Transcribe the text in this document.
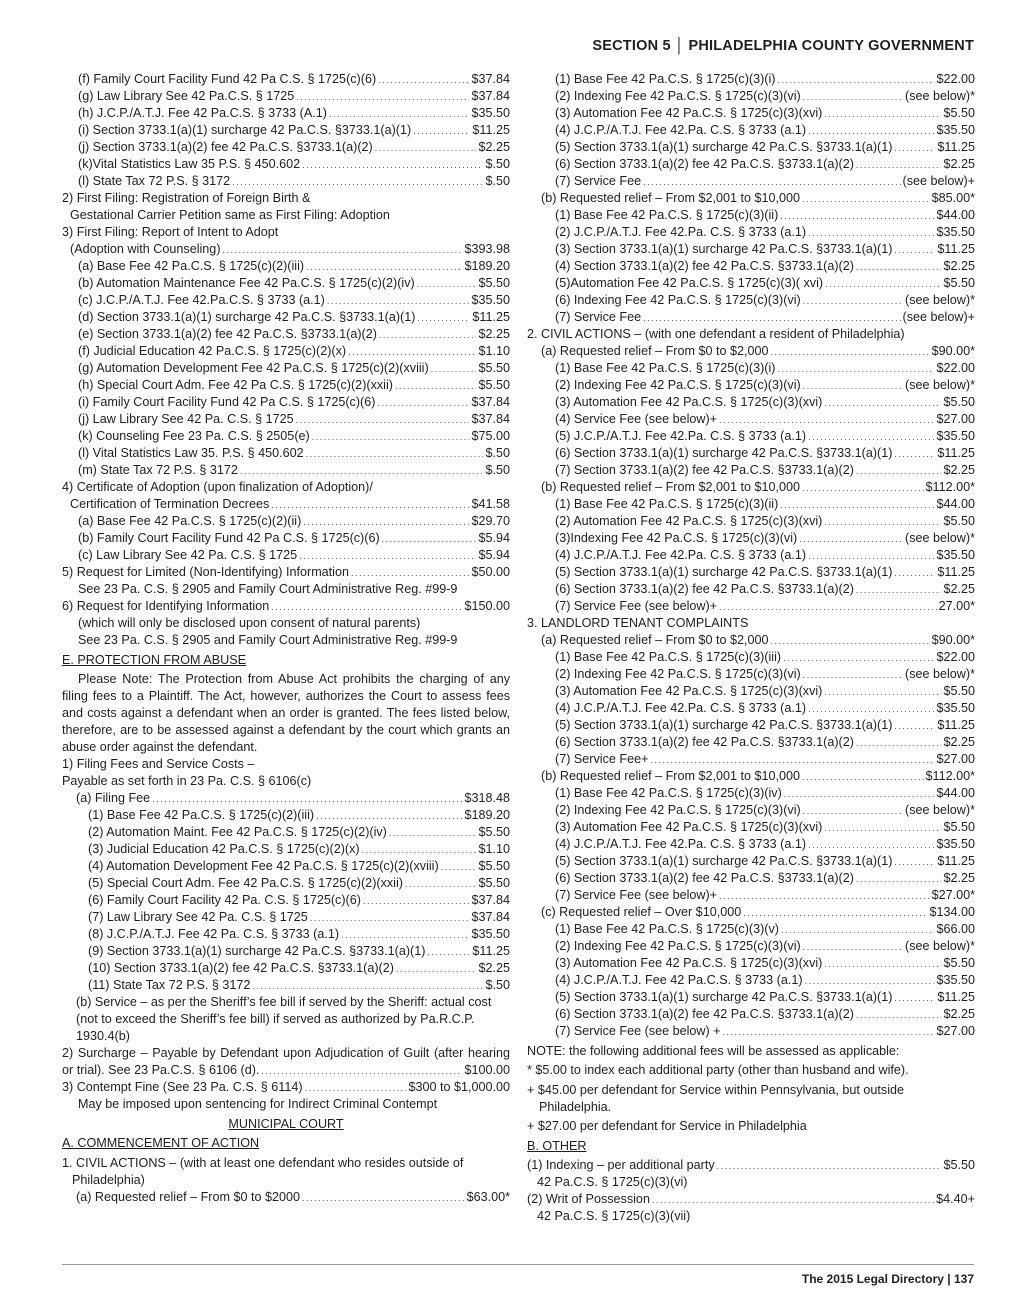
SECTION 5 │ PHILADELPHIA COUNTY GOVERNMENT
(f) Family Court Facility Fund 42 Pa C.S. § 1725(c)(6) . . .	$37.84
(g) Law Library See 42 Pa.C.S. § 1725 . . .	$37.84
(h) J.C.P./A.T.J. Fee 42 Pa.C.S. § 3733 (A.1) . . .	$35.50
(i) Section 3733.1(a)(1) surcharge 42 Pa.C.S. §3733.1(a)(1) . . .	$11.25
(j) Section 3733.1(a)(2) fee 42 Pa.C.S. §3733.1(a)(2) . . .	$2.25
(k)Vital Statistics Law 35 P.S. § 450.602 . . .	$.50
(l) State Tax 72 P.S. § 3172 . . .	$.50
2) First Filing: Registration of Foreign Birth &
Gestational Carrier Petition same as First Filing: Adoption
3) First Filing: Report of Intent to Adopt
(Adoption with Counseling) . . .	$393.98
(a) Base Fee 42 Pa.C.S. § 1725(c)(2)(iii) . . .	$189.20
(b) Automation Maintenance Fee 42 Pa.C.S. § 1725(c)(2)(iv) . . .	$5.50
(c) J.C.P./A.T.J. Fee 42.Pa.C.S. § 3733 (a.1) . . .	$35.50
(d) Section 3733.1(a)(1) surcharge 42 Pa.C.S. §3733.1(a)(1) . . .	$11.25
(e) Section 3733.1(a)(2) fee 42 Pa.C.S. §3733.1(a)(2) . . .	$2.25
(f) Judicial Education 42 Pa.C.S. § 1725(c)(2)(x) . . .	$1.10
(g) Automation Development Fee 42 Pa.C.S. § 1725(c)(2)(xviii) . . .	$5.50
(h) Special Court Adm. Fee 42 Pa C.S. § 1725(c)(2)(xxii) . . .	$5.50
(i) Family Court Facility Fund 42 Pa C.S. § 1725(c)(6) . . .	$37.84
(j) Law Library See 42 Pa. C.S. § 1725 . . .	$37.84
(k) Counseling Fee 23 Pa. C.S. § 2505(e) . . .	$75.00
(l) Vital Statistics Law 35. P.S. § 450.602 . . .	$.50
(m) State Tax 72 P.S. § 3172 . . .	$.50
4) Certificate of Adoption (upon finalization of Adoption)/
Certification of Termination Decrees . . .	$41.58
(a) Base Fee 42 Pa.C.S. § 1725(c)(2)(ii) . . .	$29.70
(b) Family Court Facility Fund 42 Pa C.S. § 1725(c)(6) . . .	$5.94
(c) Law Library See 42 Pa. C.S. § 1725 . . .	$5.94
5) Request for Limited (Non-Identifying) Information . . .	$50.00
See 23 Pa. C.S. § 2905 and Family Court Administrative Reg. #99-9
6) Request for Identifying Information . . .	$150.00
(which will only be disclosed upon consent of natural parents)
See 23 Pa. C.S. § 2905 and Family Court Administrative Reg. #99-9
E. PROTECTION FROM ABUSE
Please Note: The Protection from Abuse Act prohibits the charging of any
filing fees to a Plaintiff. The Act, however, authorizes the Court to assess fees
and costs against a defendant when an order is granted. The fees listed below,
therefore, are to be assessed against a defendant by the court which grants an
abuse order against the defendant.
1) Filing Fees and Service Costs –
Payable as set forth in 23 Pa. C.S. § 6106(c)
(a) Filing Fee . . .	$318.48
(1) Base Fee 42 Pa.C.S. § 1725(c)(2)(iii) . . .	$189.20
(2) Automation Maint. Fee 42 Pa.C.S. § 1725(c)(2)(iv) . . .	$5.50
(3) Judicial Education 42 Pa.C.S. § 1725(c)(2)(x) . . .	$1.10
(4) Automation Development Fee 42 Pa.C.S. § 1725(c)(2)(xviii) . . .	$5.50
(5) Special Court Adm. Fee 42 Pa.C.S. § 1725(c)(2)(xxii) . . .	$5.50
(6) Family Court Facility 42 Pa. C.S. § 1725(c)(6) . . .	$37.84
(7) Law Library See 42 Pa. C.S. § 1725 . . .	$37.84
(8) J.C.P./A.T.J. Fee 42 Pa. C.S. § 3733 (a.1) . . .	$35.50
(9) Section 3733.1(a)(1) surcharge 42 Pa.C.S. §3733.1(a)(1) . . .	$11.25
(10) Section 3733.1(a)(2) fee 42 Pa.C.S. §3733.1(a)(2) . . .	$2.25
(11) State Tax 72 P.S. § 3172 . . .	$.50
(b) Service – as per the Sheriff’s fee bill if served by the Sheriff: actual cost
(not to exceed the Sheriff’s fee bill) if served as authorized by Pa.R.C.P.
1930.4(b)
2) Surcharge – Payable by Defendant upon Adjudication of Guilt (after hearing
or trial). See 23 Pa.C.S. § 6106 (d). . . .	$100.00
3) Contempt Fine (See 23 Pa. C.S. § 6114) . . .	$300 to $1,000.00
May be imposed upon sentencing for Indirect Criminal Contempt
MUNICIPAL COURT
A. COMMENCEMENT OF ACTION
1. CIVIL ACTIONS – (with at least one defendant who resides outside of
Philadelphia)
(a) Requested relief – From $0 to $2000 . . .	$63.00*
(1) Base Fee 42 Pa.C.S. § 1725(c)(3)(i) . . .	$22.00
(2) Indexing Fee 42 Pa.C.S. § 1725(c)(3)(vi) . . .	(see below)*
(3) Automation Fee 42 Pa.C.S. § 1725(c)(3)(xvi) . . .	$5.50
(4) J.C.P./A.T.J. Fee 42.Pa. C.S. § 3733 (a.1) . . .	$35.50
(5) Section 3733.1(a)(1) surcharge 42 Pa.C.S. §3733.1(a)(1) . . .	$11.25
(6) Section 3733.1(a)(2) fee 42 Pa.C.S. §3733.1(a)(2) . . .	$2.25
(7) Service Fee . . .	(see below)+
(b) Requested relief – From $2,001 to $10,000 . . .	$85.00*
(1) Base Fee 42 Pa.C.S. § 1725(c)(3)(ii) . . .	$44.00
(2) J.C.P./A.T.J. Fee 42.Pa. C.S. § 3733 (a.1) . . .	$35.50
(3) Section 3733.1(a)(1) surcharge 42 Pa.C.S. §3733.1(a)(1) . . .	$11.25
(4) Section 3733.1(a)(2) fee 42 Pa.C.S. §3733.1(a)(2) . . .	$2.25
(5)Automation Fee 42 Pa.C.S. § 1725(c)(3)( xvi) . . .	$5.50
(6) Indexing Fee 42 Pa.C.S. § 1725(c)(3)(vi) . . .	(see below)*
(7) Service Fee . . .	(see below)+
2. CIVIL ACTIONS – (with one defendant a resident of Philadelphia)
(a) Requested relief – From $0 to $2,000 . . .	$90.00*
(1) Base Fee 42 Pa.C.S. § 1725(c)(3)(i) . . .	$22.00
(2) Indexing Fee 42 Pa.C.S. § 1725(c)(3)(vi) . . .	(see below)*
(3) Automation Fee 42 Pa.C.S. § 1725(c)(3)(xvi) . . .	$5.50
(4) Service Fee (see below)+ . . .	$27.00
(5) J.C.P./A.T.J. Fee 42.Pa. C.S. § 3733 (a.1) . . .	$35.50
(6) Section 3733.1(a)(1) surcharge 42 Pa.C.S. §3733.1(a)(1) . . .	$11.25
(7) Section 3733.1(a)(2) fee 42 Pa.C.S. §3733.1(a)(2) . . .	$2.25
(b) Requested relief – From $2,001 to $10,000 . . .	$112.00*
(1) Base Fee 42 Pa.C.S. § 1725(c)(3)(ii) . . .	$44.00
(2) Automation Fee 42 Pa.C.S. § 1725(c)(3)(xvi) . . .	$5.50
(3)Indexing Fee 42 Pa.C.S. § 1725(c)(3)(vi) . . .	(see below)*
(4) J.C.P./A.T.J. Fee 42.Pa. C.S. § 3733 (a.1) . . .	$35.50
(5) Section 3733.1(a)(1) surcharge 42 Pa.C.S. §3733.1(a)(1) . . .	$11.25
(6) Section 3733.1(a)(2) fee 42 Pa.C.S. §3733.1(a)(2) . . .	$2.25
(7) Service Fee (see below)+ . . .	27.00*
3. LANDLORD TENANT COMPLAINTS
(a) Requested relief – From $0 to $2,000 . . .	$90.00*
(1) Base Fee 42 Pa.C.S. § 1725(c)(3)(iii) . . .	$22.00
(2) Indexing Fee 42 Pa.C.S. § 1725(c)(3)(vi) . . .	(see below)*
(3) Automation Fee 42 Pa.C.S. § 1725(c)(3)(xvi) . . .	$5.50
(4) J.C.P./A.T.J. Fee 42.Pa. C.S. § 3733 (a.1) . . .	$35.50
(5) Section 3733.1(a)(1) surcharge 42 Pa.C.S. §3733.1(a)(1) . . .	$11.25
(6) Section 3733.1(a)(2) fee 42 Pa.C.S. §3733.1(a)(2) . . .	$2.25
(7) Service Fee+ . . .	$27.00
(b) Requested relief – From $2,001 to $10,000 . . .	$112.00*
(1) Base Fee 42 Pa.C.S. § 1725(c)(3)(iv) . . .	$44.00
(2) Indexing Fee 42 Pa.C.S. § 1725(c)(3)(vi) . . .	(see below)*
(3) Automation Fee 42 Pa.C.S. § 1725(c)(3)(xvi) . . .	$5.50
(4) J.C.P./A.T.J. Fee 42.Pa. C.S. § 3733 (a.1) . . .	$35.50
(5) Section 3733.1(a)(1) surcharge 42 Pa.C.S. §3733.1(a)(1) . . .	$11.25
(6) Section 3733.1(a)(2) fee 42 Pa.C.S. §3733.1(a)(2) . . .	$2.25
(7) Service Fee (see below)+ . . .	$27.00*
(c) Requested relief – Over $10,000 . . .	$134.00
(1) Base Fee 42 Pa.C.S. § 1725(c)(3)(v) . . .	$66.00
(2) Indexing Fee 42 Pa.C.S. § 1725(c)(3)(vi) . . .	(see below)*
(3) Automation Fee 42 Pa.C.S. § 1725(c)(3)(xvi) . . .	$5.50
(4) J.C.P./A.T.J. Fee 42 Pa.C.S. § 3733 (a.1) . . .	$35.50
(5) Section 3733.1(a)(1) surcharge 42 Pa.C.S. §3733.1(a)(1) . . .	$11.25
(6) Section 3733.1(a)(2) fee 42 Pa.C.S. §3733.1(a)(2) . . .	$2.25
(7) Service Fee (see below) + . . .	$27.00
NOTE: the following additional fees will be assessed as applicable:
* $5.00 to index each additional party (other than husband and wife).
+ $45.00 per defendant for Service within Pennsylvania, but outside
Philadelphia.
+ $27.00 per defendant for Service in Philadelphia
B. OTHER
(1) Indexing – per additional party . . .	$5.50
42 Pa.C.S. § 1725(c)(3)(vi)
(2) Writ of Possession . . .	$4.40+
42 Pa.C.S. § 1725(c)(3)(vii)
The 2015 Legal Directory | 137
